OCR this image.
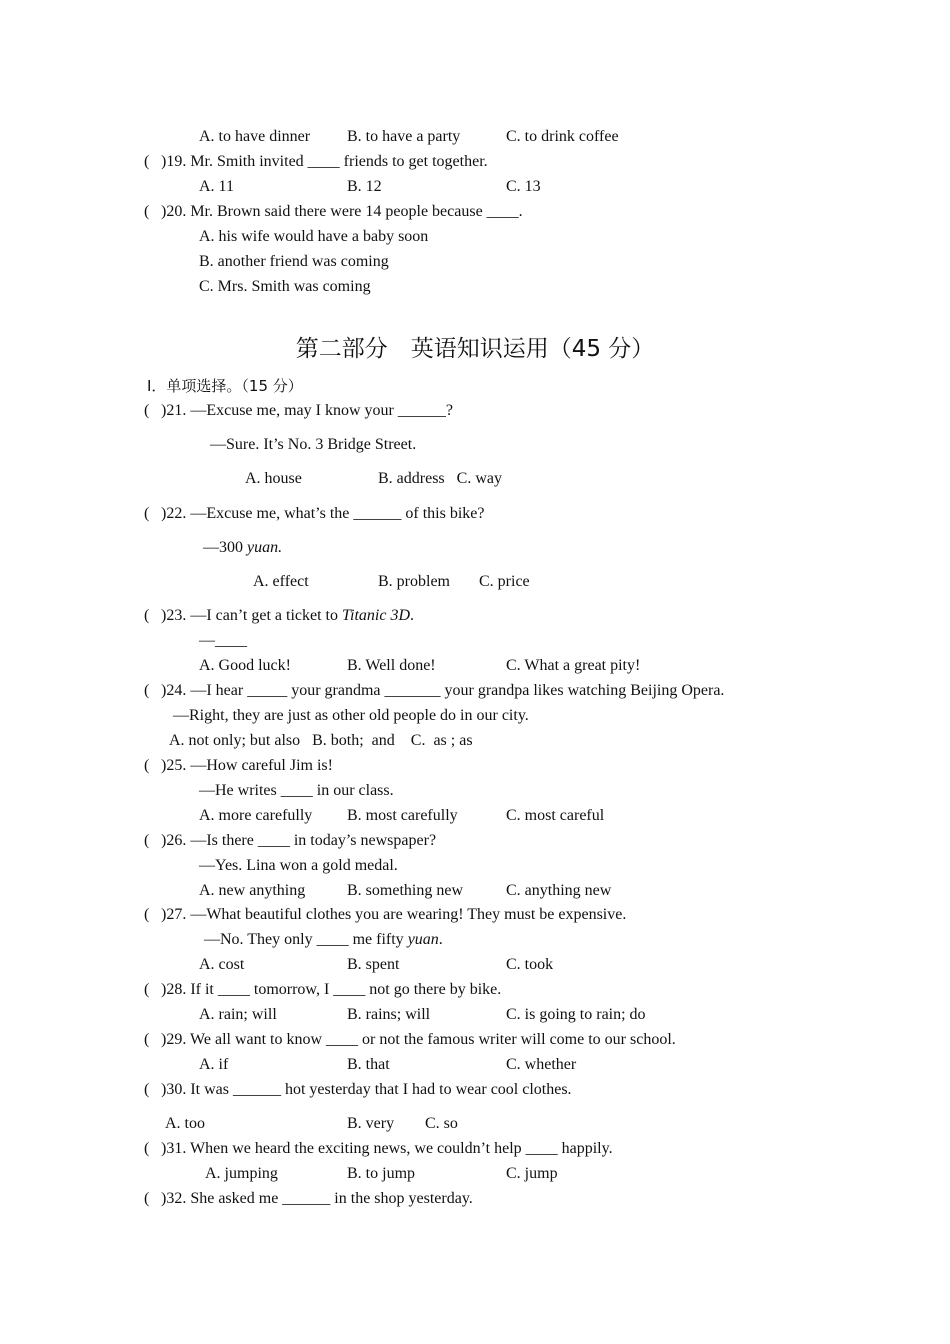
A. to have dinner B. to have a party	C. to drink coffee
( )19. Mr. Smith invited ____ friends to get together.
A. 11	B. 12	C. 13
( )20. Mr. Brown said there were 14 people because ____.
A. his wife would have a baby soon
B. another friend was coming
C. Mrs. Smith was coming
第二部分　英语知识运用（45 分）
Ⅰ．单项选择。（15 分）
( )21. —Excuse me, may I know your ______?
—Sure. It’s No. 3 Bridge Street.
A. house	B. address   C. way
( )22. —Excuse me, what’s the ______ of this bike?
—300 yuan.
A. effect	B. problem C. price
( )23. —I can’t get a ticket to Titanic 3D.
—____
A. Good luck!	B. Well done!	C. What a great pity!
( )24. —I hear _____ your grandma _______ your grandpa likes watching Beijing Opera.
—Right, they are just as other old people do in our city.
A. not only; but also   B. both;  and    C.  as ; as
( )25. —How careful Jim is!
—He writes ____ in our class.
A. more carefully B. most carefully	C. most careful
( )26. —Is there ____ in today’s newspaper?
—Yes. Lina won a gold medal.
A. new anything	B. something new	C. anything new
( )27. —What beautiful clothes you are wearing! They must be expensive.
—No. They only ____ me fifty yuan.
A. cost	B. spent	C. took
( )28. If it ____ tomorrow, I ____ not go there by bike.
A. rain; will	B. rains; will	C. is going to rain; do
( )29. We all want to know ____ or not the famous writer will come to our school.
A. if	B. that	C. whether
( )30. It was ______ hot yesterday that I had to wear cool clothes.
A. too	B. very C. so
( )31. When we heard the exciting news, we couldn’t help ____ happily.
A. jumping	B. to jump	C. jump
( )32. She asked me ______ in the shop yesterday.
